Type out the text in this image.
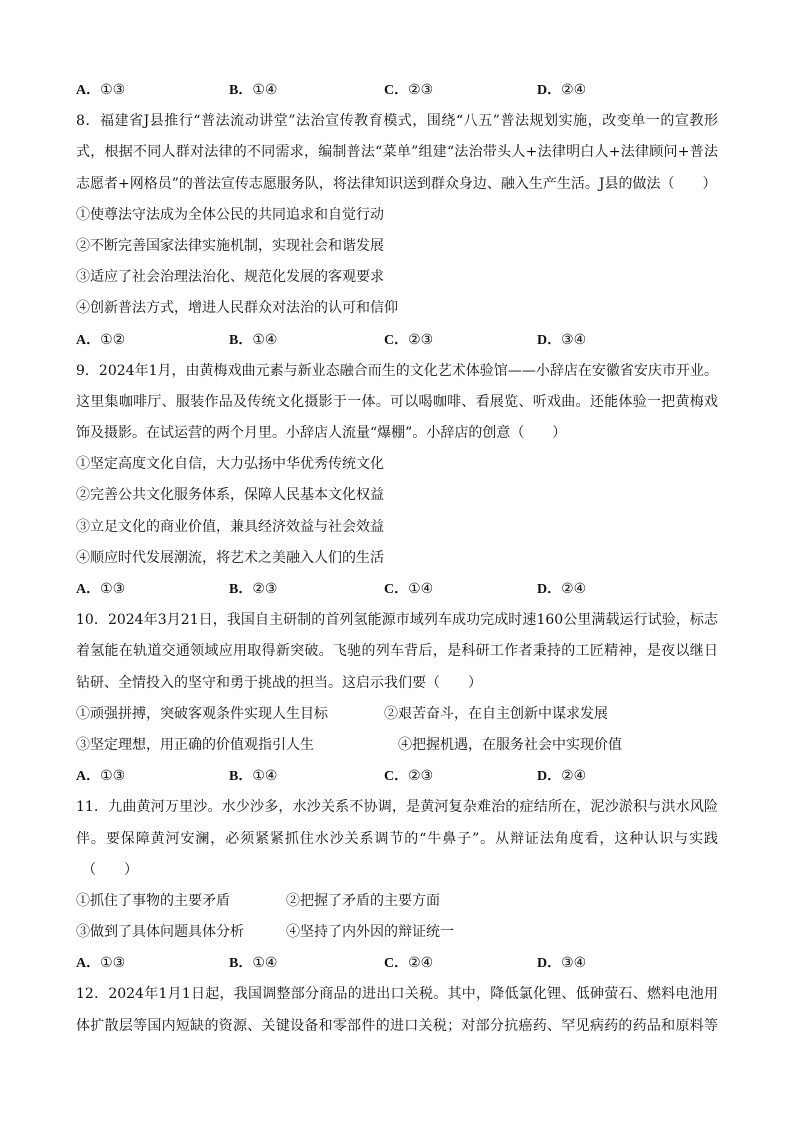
A．①③	B．①④	C．②③	D．②④
8．福建省J县推行“普法流动讲堂”法治宣传教育模式，围绕“八五”普法规划实施，改变单一的宣教形
式，根据不同人群对法律的不同需求，编制普法“菜单”组建“法治带头人+法律明白人+法律顾问+普法
志愿者+网格员”的普法宣传志愿服务队，将法律知识送到群众身边、融入生产生活。J县的做法（　　）
①使尊法守法成为全体公民的共同追求和自觉行动
②不断完善国家法律实施机制，实现社会和谐发展
③适应了社会治理法治化、规范化发展的客观要求
④创新普法方式，增进人民群众对法治的认可和信仰
A．①②	B．①④	C．②③	D．③④
9．2024年1月，由黄梅戏曲元素与新业态融合而生的文化艺术体验馆——小辞店在安徽省安庆市开业。
这里集咖啡厅、服装作品及传统文化摄影于一体。可以喝咖啡、看展览、听戏曲。还能体验一把黄梅戏
饰及摄影。在试运营的两个月里。小辞店人流量“爆棚”。小辞店的创意（　　）
①坚定高度文化自信，大力弘扬中华优秀传统文化
②完善公共文化服务体系，保障人民基本文化权益
③立足文化的商业价值，兼具经济效益与社会效益
④顺应时代发展潮流，将艺术之美融入人们的生活
A．①③	B．②③	C．①④	D．②④
10．2024年3月21日，我国自主研制的首列氢能源市域列车成功完成时速160公里满载运行试验，标志
着氢能在轨道交通领域应用取得新突破。飞驰的列车背后，是科研工作者秉持的工匠精神，是夜以继日
钻研、全情投入的坚守和勇于挑战的担当。这启示我们要（　　）
①顽强拼搏，突破客观条件实现人生目标	②艰苦奋斗，在自主创新中谋求发展
③坚定理想，用正确的价值观指引人生	④把握机遇，在服务社会中实现价值
A．①③	B．①④	C．②③	D．②④
11．九曲黄河万里沙。水少沙多，水沙关系不协调，是黄河复杂难治的症结所在，泥沙淤积与洪水风险
伴。要保障黄河安澜，必须紧紧抓住水沙关系调节的“牛鼻子”。从辩证法角度看，这种认识与实践
（　　）
①抓住了事物的主要矛盾	②把握了矛盾的主要方面
③做到了具体问题具体分析	④坚持了内外因的辩证统一
A．①③	B．①④	C．②④	D．③④
12．2024年1月1日起，我国调整部分商品的进出口关税。其中，降低氯化锂、低砷萤石、燃料电池用
体扩散层等国内短缺的资源、关键设备和零部件的进口关税；对部分抗癌药、罕见病药的药品和原料等
